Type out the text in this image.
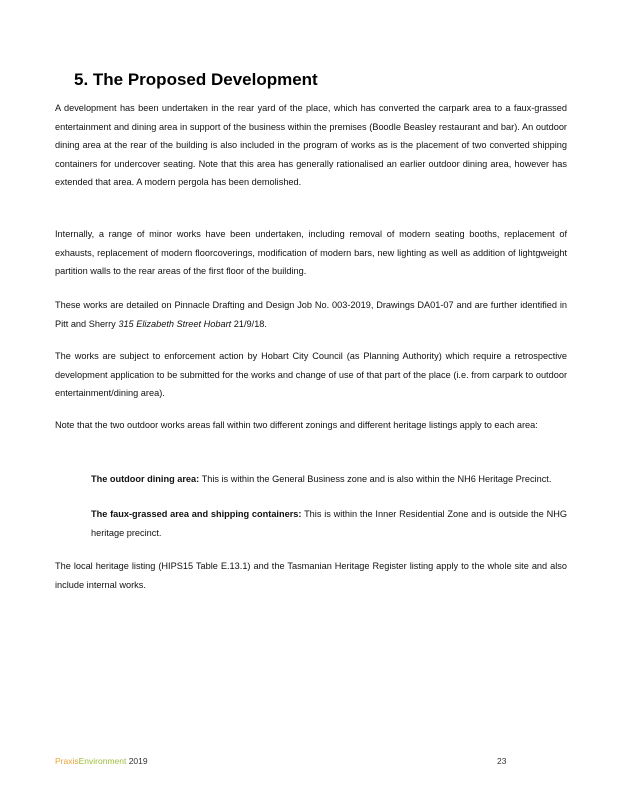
5. The Proposed Development

A development has been undertaken in the rear yard of the place, which has converted the carpark area to a faux-grassed entertainment and dining area in support of the business within the premises (Boodle Beasley restaurant and bar). An outdoor dining area at the rear of the building is also included in the program of works as is the placement of two converted shipping containers for undercover seating. Note that this area has generally rationalised an earlier outdoor dining area, however has extended that area. A modern pergola has been demolished.

Internally, a range of minor works have been undertaken, including removal of modern seating booths, replacement of exhausts, replacement of modern floorcoverings, modification of modern bars, new lighting as well as addition of lightgweight partition walls to the rear areas of the first floor of the building.

These works are detailed on Pinnacle Drafting and Design Job No. 003-2019, Drawings DA01-07 and are further identified in Pitt and Sherry 315 Elizabeth Street Hobart 21/9/18.

The works are subject to enforcement action by Hobart City Council (as Planning Authority) which require a retrospective development application to be submitted for the works and change of use of that part of the place (i.e. from carpark to outdoor entertainment/dining area).

Note that the two outdoor works areas fall within two different zonings and different heritage listings apply to each area:

The outdoor dining area: This is within the General Business zone and is also within the NH6 Heritage Precinct.

The faux-grassed area and shipping containers: This is within the Inner Residential Zone and is outside the NHG heritage precinct.

The local heritage listing (HIPS15 Table E.13.1) and the Tasmanian Heritage Register listing apply to the whole site and also include internal works.

PraxisEnvironment 2019	23
